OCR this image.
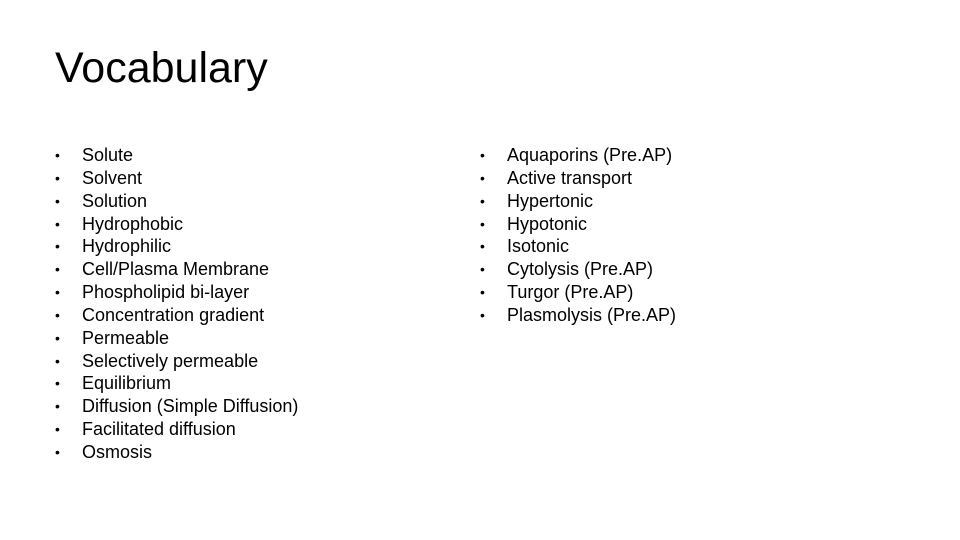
Vocabulary
• Solute
• Solvent
• Solution
• Hydrophobic
• Hydrophilic
• Cell/Plasma Membrane
• Phospholipid bi-layer
• Concentration gradient
• Permeable
• Selectively permeable
• Equilibrium
• Diffusion (Simple Diffusion)
• Facilitated diffusion
• Osmosis
• Aquaporins (Pre.AP)
• Active transport
• Hypertonic
• Hypotonic
• Isotonic
• Cytolysis (Pre.AP)
• Turgor (Pre.AP)
• Plasmolysis (Pre.AP)
